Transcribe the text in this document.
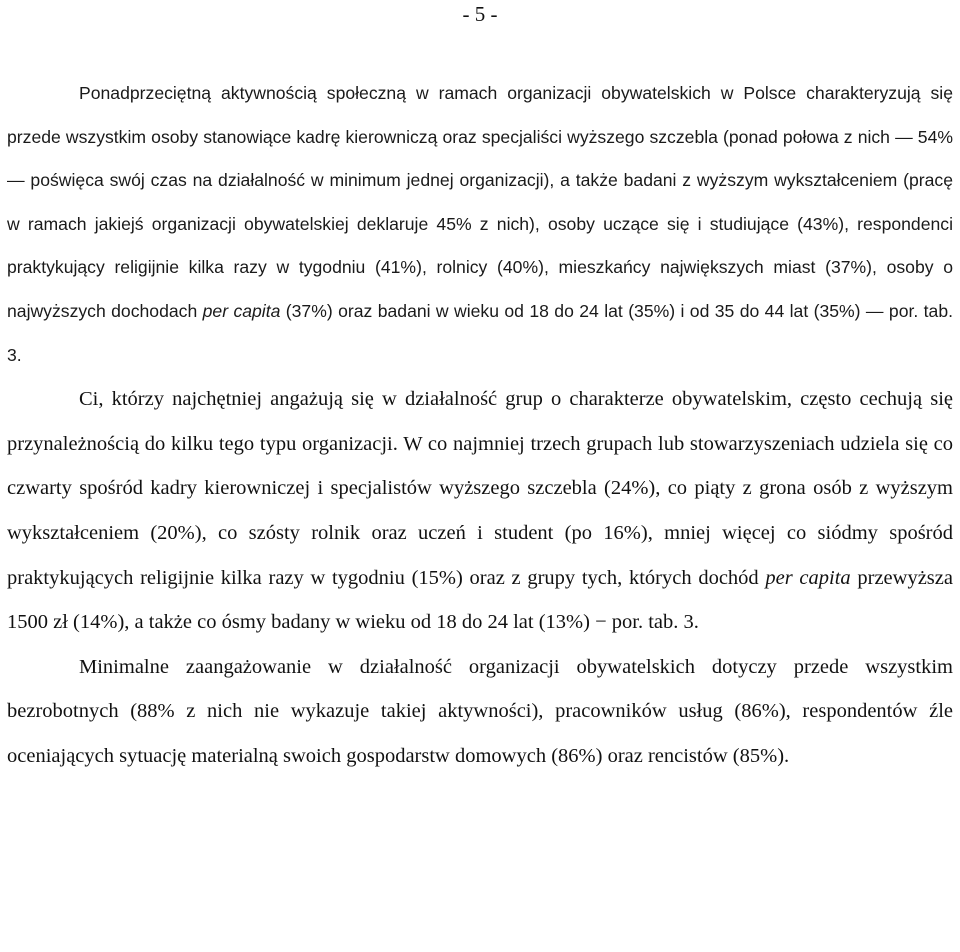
- 5 -

Ponadprzeciętną aktywnością społeczną w ramach organizacji obywatelskich w Polsce charakteryzują się przede wszystkim osoby stanowiące kadrę kierowniczą oraz specjaliści wyższego szczebla (ponad połowa z nich — 54% — poświęca swój czas na działalność w minimum jednej organizacji), a także badani z wyższym wykształceniem (pracę w ramach jakiejś organizacji obywatelskiej deklaruje 45% z nich), osoby uczące się i studiujące (43%), respondenci praktykujący religijnie kilka razy w tygodniu (41%), rolnicy (40%), mieszkańcy największych miast (37%), osoby o najwyższych dochodach per capita (37%) oraz badani w wieku od 18 do 24 lat (35%) i od 35 do 44 lat (35%) — por. tab. 3.

Ci, którzy najchętniej angażują się w działalność grup o charakterze obywatelskim, często cechują się przynależnością do kilku tego typu organizacji. W co najmniej trzech grupach lub stowarzyszeniach udziela się co czwarty spośród kadry kierowniczej i specjalistów wyższego szczebla (24%), co piąty z grona osób z wyższym wykształceniem (20%), co szósty rolnik oraz uczeń i student (po 16%), mniej więcej co siódmy spośród praktykujących religijnie kilka razy w tygodniu (15%) oraz z grupy tych, których dochód per capita przewyższa 1500 zł (14%), a także co ósmy badany w wieku od 18 do 24 lat (13%) − por. tab. 3.

Minimalne zaangażowanie w działalność organizacji obywatelskich dotyczy przede wszystkim bezrobotnych (88% z nich nie wykazuje takiej aktywności), pracowników usług (86%), respondentów źle oceniających sytuację materialną swoich gospodarstw domowych (86%) oraz rencistów (85%).
